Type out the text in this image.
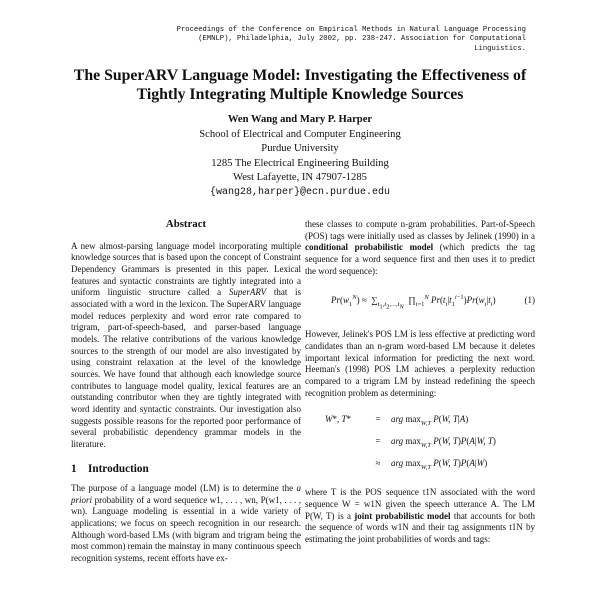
Proceedings of the Conference on Empirical Methods in Natural Language Processing (EMNLP), Philadelphia, July 2002, pp. 238-247. Association for Computational Linguistics.
The SuperARV Language Model: Investigating the Effectiveness of Tightly Integrating Multiple Knowledge Sources
Wen Wang and Mary P. Harper
School of Electrical and Computer Engineering
Purdue University
1285 The Electrical Engineering Building
West Lafayette, IN 47907-1285
{wang28,harper}@ecn.purdue.edu
Abstract

A new almost-parsing language model incorporating multiple knowledge sources that is based upon the concept of Constraint Dependency Grammars is presented in this paper. Lexical features and syntactic constraints are tightly integrated into a uniform linguistic structure called a SuperARV that is associated with a word in the lexicon. The SuperARV language model reduces perplexity and word error rate compared to trigram, part-of-speech-based, and parser-based language models. The relative contributions of the various knowledge sources to the strength of our model are also investigated by using constraint relaxation at the level of the knowledge sources. We have found that although each knowledge source contributes to language model quality, lexical features are an outstanding contributor when they are tightly integrated with word identity and syntactic constraints. Our investigation also suggests possible reasons for the reported poor performance of several probabilistic dependency grammar models in the literature.

1 Introduction

The purpose of a language model (LM) is to determine the a priori probability of a word sequence w1, . . . , wn, P(w1, . . . , wn). Language modeling is essential in a wide variety of applications; we focus on speech recognition in our research. Although word-based LMs (with bigram and trigram being the most common) remain the mainstay in many continuous speech recognition systems, recent efforts have ex-

these classes to compute n-gram probabilities. Part-of-Speech (POS) tags were initially used as classes by Jelinek (1990) in a conditional probabilistic model (which predicts the tag sequence for a word sequence first and then uses it to predict the word sequence):

$Pr(w_1^N) \approx \sum_{t_1,t_2,...,t_N}$  $\prod_{i=1}^N$ $Pr(t_i|t_1^{i-1})Pr(w_i|t_i)$	(1)

However, Jelinek's POS LM is less effective at predicting word candidates than an n-gram word-based LM because it deletes important lexical information for predicting the next word. Heeman's (1998) POS LM achieves a perplexity reduction compared to a trigram LM by instead redefining the speech recognition problem as determining:

W*, T*	=	arg $\max_{W,T} P(W$, T|A)
=	arg $\max_{W,T} P(W$, T)P(A|W, T)
≈	arg $\max_{W,T} P(W$, T)P(A|W)

where T is the POS sequence t1N associated with the word sequence W = w1N given the speech utterance A. The LM P(W, T) is a joint probabilistic model that accounts for both the sequence of words w1N and their tag assignments t1N by estimating the joint probabilities of words and tags:
